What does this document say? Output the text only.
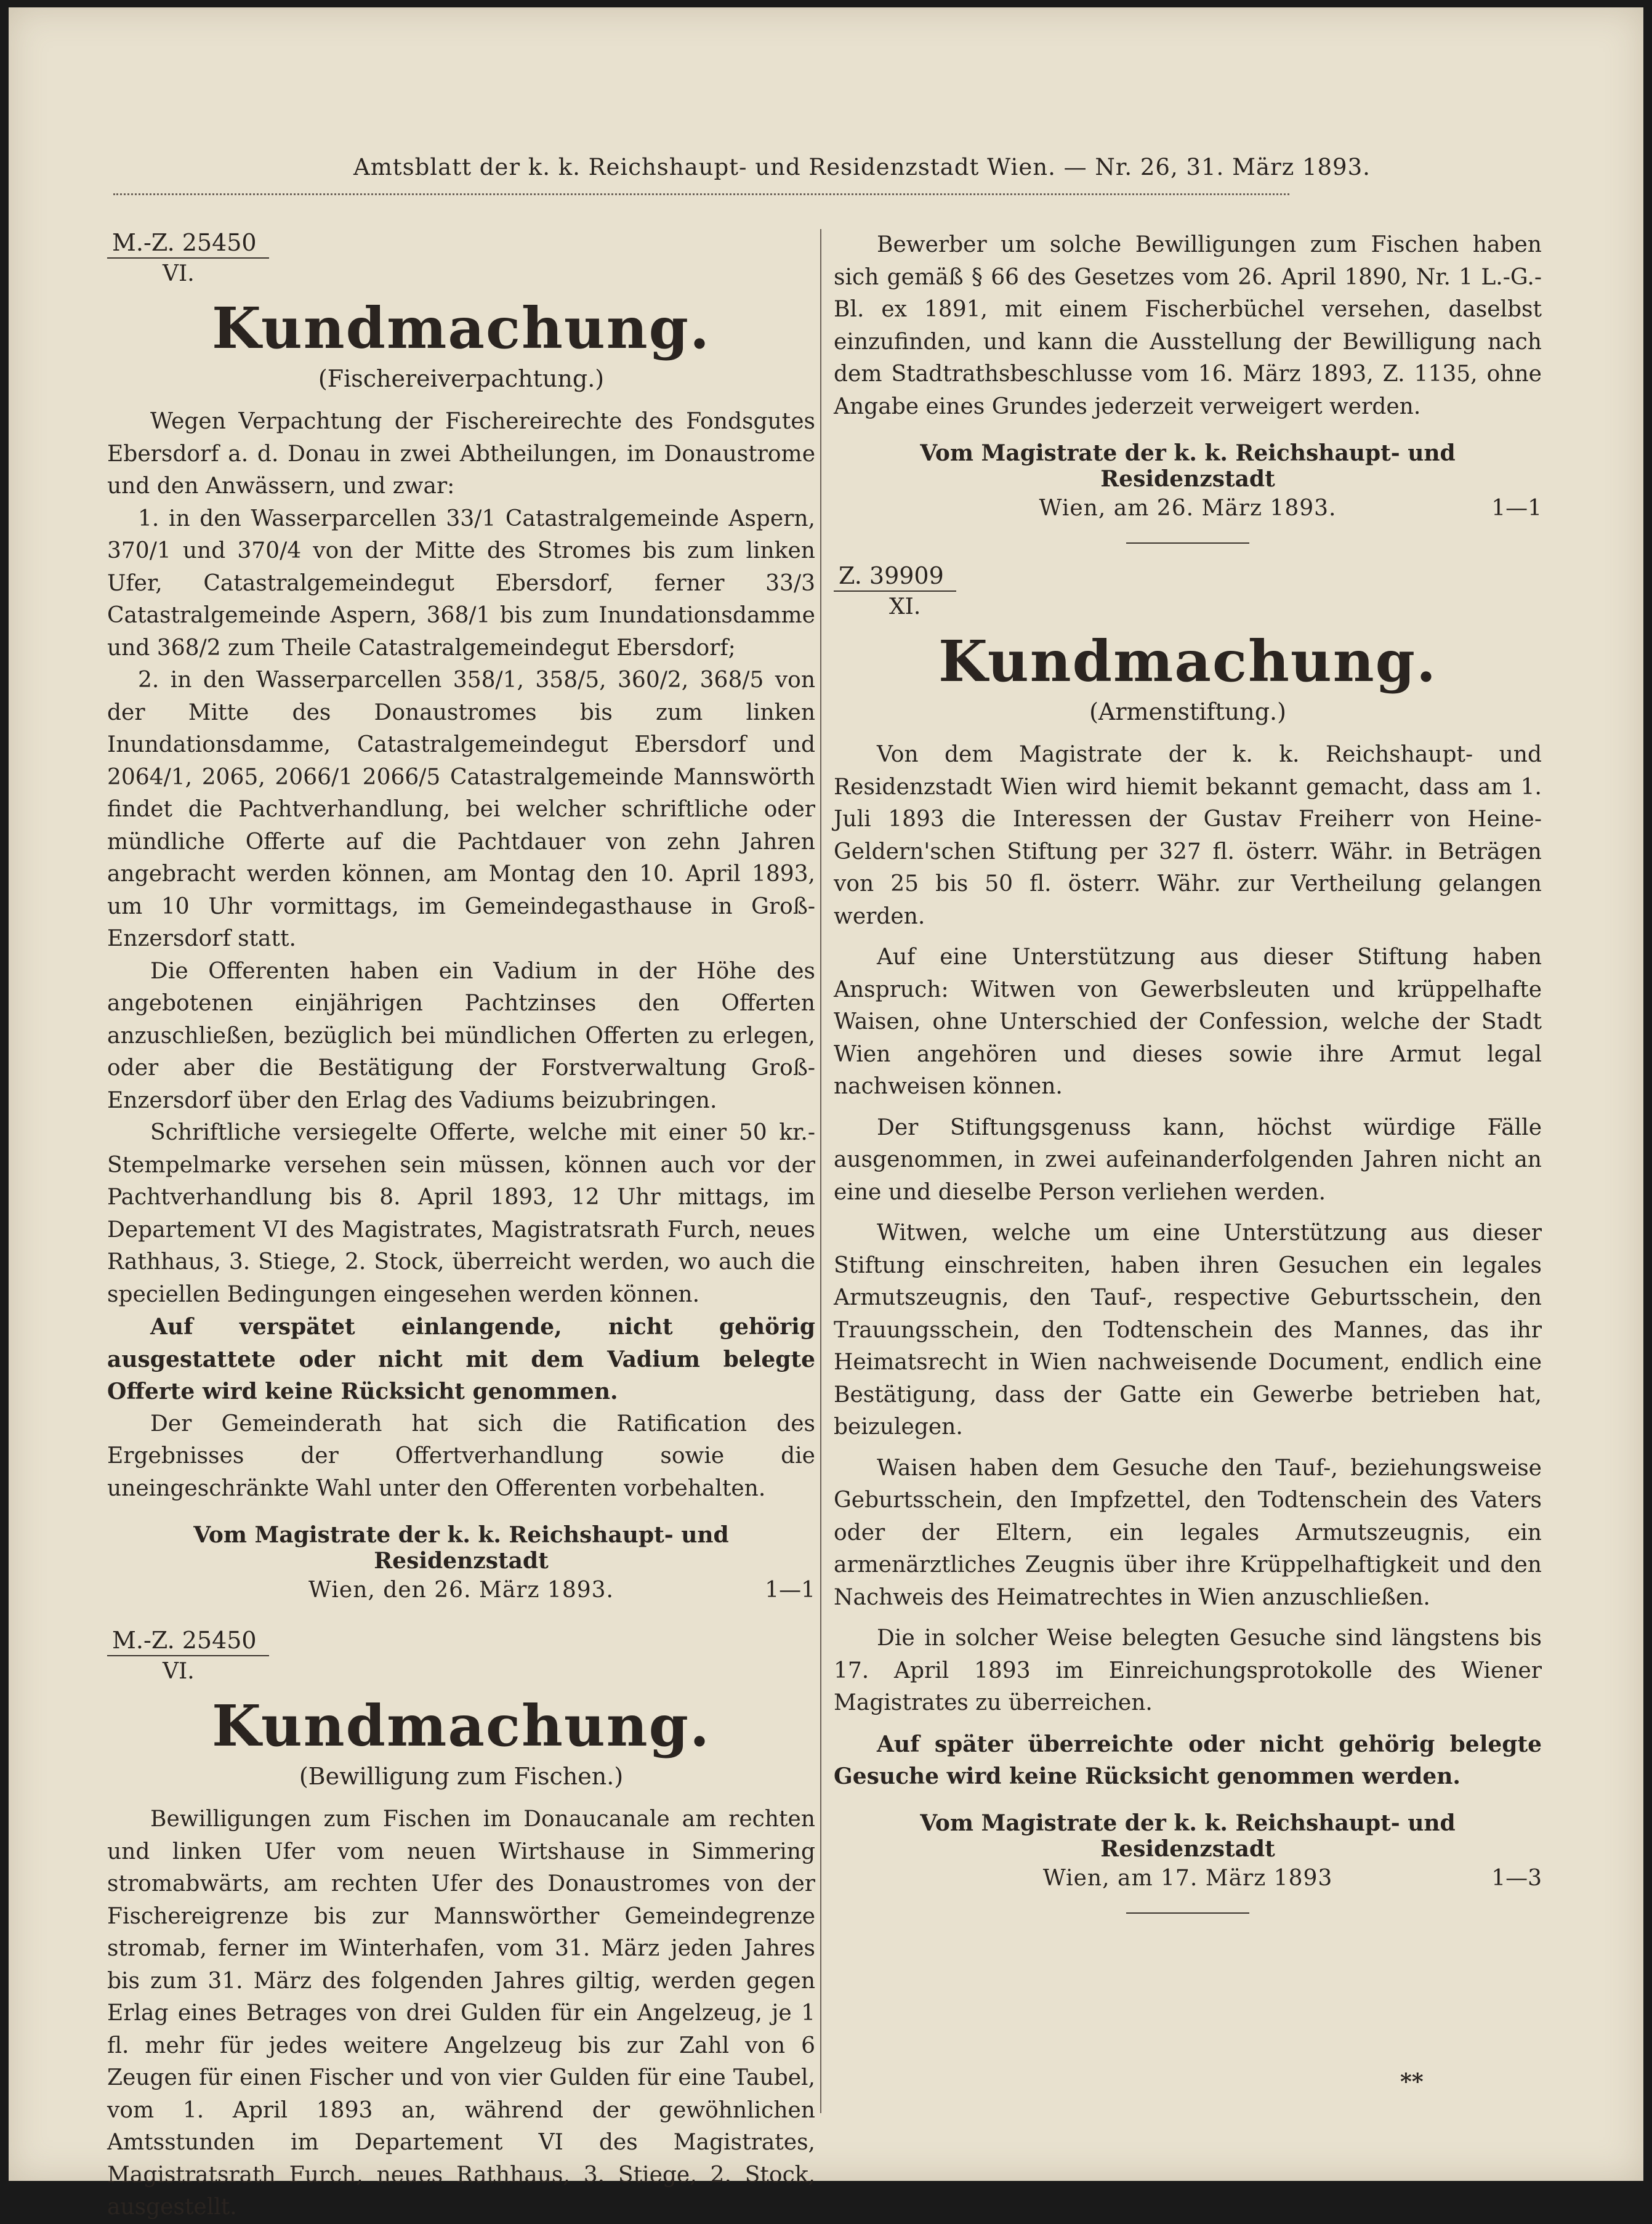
Amtsblatt der k. k. Reichshaupt- und Residenzstadt Wien. — Nr. 26, 31. März 1893.
M.-Z. 25450
VI.
Kundmachung.
(Fischereiverpachtung.)

Wegen Verpachtung der Fischereirechte des Fondsgutes Ebersdorf a. d. Donau in zwei Abtheilungen, im Donaustrome und den Anwässern, und zwar:

1. in den Wasserparcellen 33/1 Catastralgemeinde Aspern, 370/1 und 370/4 von der Mitte des Stromes bis zum linken Ufer, Catastralgemeindegut Ebersdorf, ferner 33/3 Catastralgemeinde Aspern, 368/1 bis zum Inundationsdamme und 368/2 zum Theile Catastralgemeindegut Ebersdorf;

2. in den Wasserparcellen 358/1, 358/5, 360/2, 368/5 von der Mitte des Donaustromes bis zum linken Inundationsdamme, Catastralgemeindegut Ebersdorf und 2064/1, 2065, 2066/1 2066/5 Catastralgemeinde Mannswörth findet die Pachtverhandlung, bei welcher schriftliche oder mündliche Offerte auf die Pachtdauer von zehn Jahren angebracht werden können, am Montag den 10. April 1893, um 10 Uhr vormittags, im Gemeindegasthause in Groß-Enzersdorf statt.

Die Offerenten haben ein Vadium in der Höhe des angebotenen einjährigen Pachtzinses den Offerten anzuschließen, bezüglich bei mündlichen Offerten zu erlegen, oder aber die Bestätigung der Forstverwaltung Groß-Enzersdorf über den Erlag des Vadiums beizubringen.

Schriftliche versiegelte Offerte, welche mit einer 50 kr.-Stempelmarke versehen sein müssen, können auch vor der Pachtverhandlung bis 8. April 1893, 12 Uhr mittags, im Departement VI des Magistrates, Magistratsrath Furch, neues Rathhaus, 3. Stiege, 2. Stock, überreicht werden, wo auch die speciellen Bedingungen eingesehen werden können.

Auf verspätet einlangende, nicht gehörig ausgestattete oder nicht mit dem Vadium belegte Offerte wird keine Rücksicht genommen.

Der Gemeinderath hat sich die Ratification des Ergebnisses der Offertverhandlung sowie die uneingeschränkte Wahl unter den Offerenten vorbehalten.

Vom Magistrate der k. k. Reichshaupt- und Residenzstadt
Wien, den 26. März 1893.	1—1
M.-Z. 25450
VI.
Kundmachung.
(Bewilligung zum Fischen.)

Bewilligungen zum Fischen im Donaucanale am rechten und linken Ufer vom neuen Wirtshause in Simmering stromabwärts, am rechten Ufer des Donaustromes von der Fischereigrenze bis zur Mannswörther Gemeindegrenze stromab, ferner im Winterhafen, vom 31. März jeden Jahres bis zum 31. März des folgenden Jahres giltig, werden gegen Erlag eines Betrages von drei Gulden für ein Angelzeug, je 1 fl. mehr für jedes weitere Angelzeug bis zur Zahl von 6 Zeugen für einen Fischer und von vier Gulden für eine Taubel, vom 1. April 1893 an, während der gewöhnlichen Amtsstunden im Departement VI des Magistrates, Magistratsrath Furch, neues Rathhaus, 3. Stiege, 2. Stock, ausgestellt.

Bewerber um solche Bewilligungen zum Fischen haben sich gemäß § 66 des Gesetzes vom 26. April 1890, Nr. 1 L.-G.-Bl. ex 1891, mit einem Fischerbüchel versehen, daselbst einzufinden, und kann die Ausstellung der Bewilligung nach dem Stadtrathsbeschlusse vom 16. März 1893, Z. 1135, ohne Angabe eines Grundes jederzeit verweigert werden.

Vom Magistrate der k. k. Reichshaupt- und Residenzstadt
Wien, am 26. März 1893.	1—1
Z. 39909
XI.
Kundmachung.
(Armenstiftung.)

Von dem Magistrate der k. k. Reichshaupt- und Residenzstadt Wien wird hiemit bekannt gemacht, dass am 1. Juli 1893 die Interessen der Gustav Freiherr von Heine-Geldern'schen Stiftung per 327 fl. österr. Währ. in Beträgen von 25 bis 50 fl. österr. Währ. zur Vertheilung gelangen werden.

Auf eine Unterstützung aus dieser Stiftung haben Anspruch: Witwen von Gewerbsleuten und krüppelhafte Waisen, ohne Unterschied der Confession, welche der Stadt Wien angehören und dieses sowie ihre Armut legal nachweisen können.

Der Stiftungsgenuss kann, höchst würdige Fälle ausgenommen, in zwei aufeinanderfolgenden Jahren nicht an eine und dieselbe Person verliehen werden.

Witwen, welche um eine Unterstützung aus dieser Stiftung einschreiten, haben ihren Gesuchen ein legales Armutszeugnis, den Tauf-, respective Geburtsschein, den Trauungsschein, den Todtenschein des Mannes, das ihr Heimatsrecht in Wien nachweisende Document, endlich eine Bestätigung, dass der Gatte ein Gewerbe betrieben hat, beizulegen.

Waisen haben dem Gesuche den Tauf-, beziehungsweise Geburtsschein, den Impfzettel, den Todtenschein des Vaters oder der Eltern, ein legales Armutszeugnis, ein armenärztliches Zeugnis über ihre Krüppelhaftigkeit und den Nachweis des Heimatrechtes in Wien anzuschließen.

Die in solcher Weise belegten Gesuche sind längstens bis 17. April 1893 im Einreichungsprotokolle des Wiener Magistrates zu überreichen.

Auf später überreichte oder nicht gehörig belegte Gesuche wird keine Rücksicht genommen werden.

Vom Magistrate der k. k. Reichshaupt- und Residenzstadt
Wien, am 17. März 1893	1—3
**
